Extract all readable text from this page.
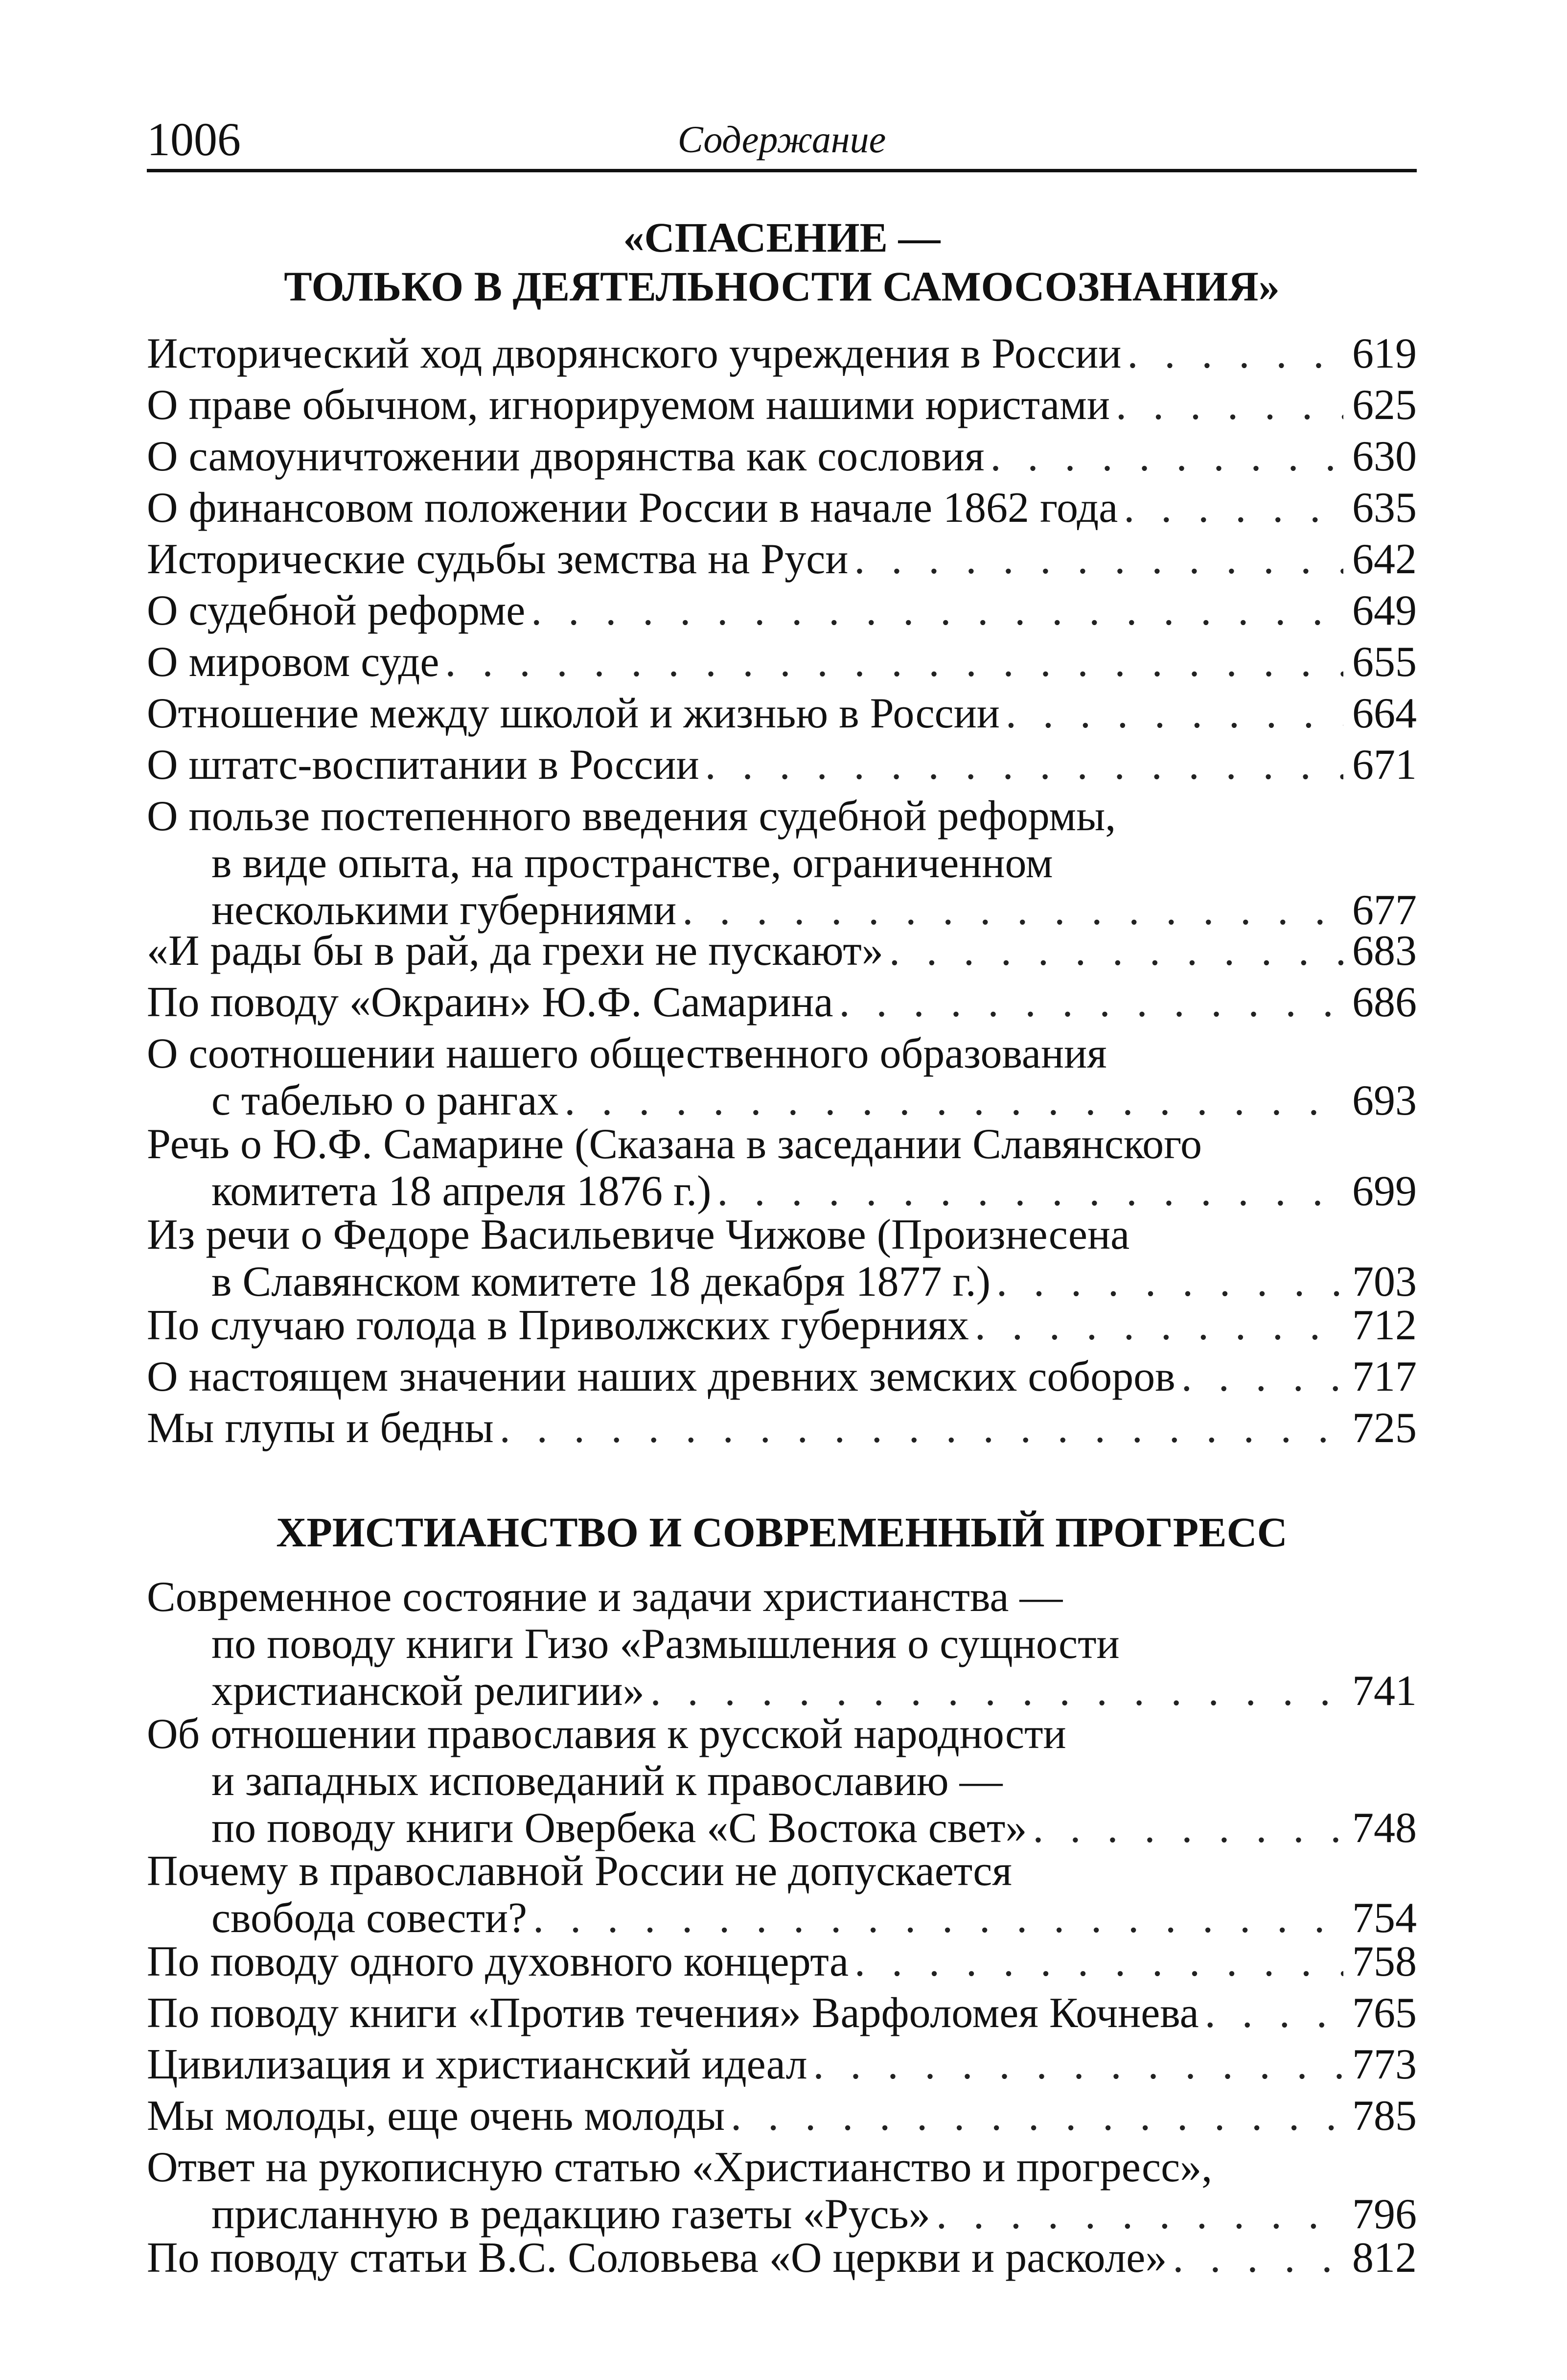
1006	Содержание
«СПАСЕНИЕ —
ТОЛЬКО В ДЕЯТЕЛЬНОСТИ САМОСОЗНАНИЯ»
Исторический ход дворянского учреждения в России . . .	619
О праве обычном, игнорируемом нашими юристами . . .	625
О самоуничтожении дворянства как сословия . . .	630
О финансовом положении России в начале 1862 года . . .	635
Исторические судьбы земства на Руси . . .	642
О судебной реформе . . .	649
О мировом суде . . .	655
Отношение между школой и жизнью в России . . .	664
О штатс-воспитании в России . . .	671
О пользе постепенного введения судебной реформы,
в виде опыта, на пространстве, ограниченном
несколькими губерниями . . .	677
«И рады бы в рай, да грехи не пускают» . . .	683
По поводу «Окраин» Ю.Ф. Самарина . . .	686
О соотношении нашего общественного образования
с табелью о рангах . . .	693
Речь о Ю.Ф. Самарине (Сказана в заседании Славянского
комитета 18 апреля 1876 г.) . . .	699
Из речи о Федоре Васильевиче Чижове (Произнесена
в Славянском комитете 18 декабря 1877 г.) . . .	703
По случаю голода в Приволжских губерниях . . .	712
О настоящем значении наших древних земских соборов . . .	717
Мы глупы и бедны . . .	725
ХРИСТИАНСТВО И СОВРЕМЕННЫЙ ПРОГРЕСС
Современное состояние и задачи христианства —
по поводу книги Гизо «Размышления о сущности
христианской религии» . . .	741
Об отношении православия к русской народности
и западных исповеданий к православию —
по поводу книги Овербека «С Востока свет» . . .	748
Почему в православной России не допускается
свобода совести? . . .	754
По поводу одного духовного концерта . . .	758
По поводу книги «Против течения» Варфоломея Кочнева . . .	765
Цивилизация и христианский идеал . . .	773
Мы молоды, еще очень молоды . . .	785
Ответ на рукописную статью «Христианство и прогресс»,
присланную в редакцию газеты «Русь» . . .	796
По поводу статьи В.С. Соловьева «О церкви и расколе» . . .	812
